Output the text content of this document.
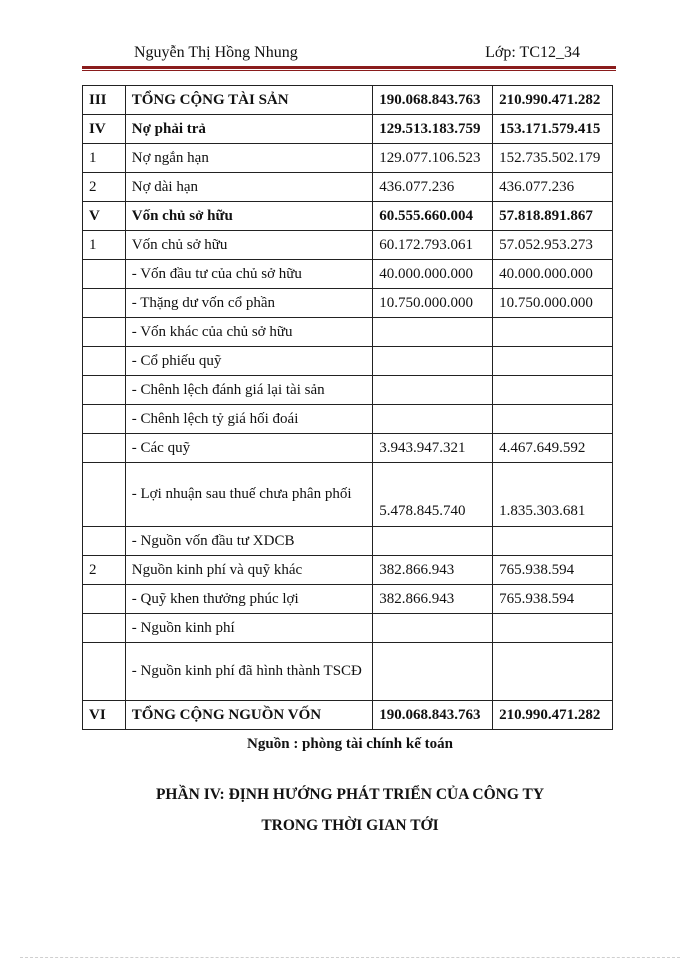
Nguyễn Thị Hồng Nhung	Lớp: TC12_34
III	TỔNG CỘNG TÀI SẢN	190.068.843.763	210.990.471.282
IV	Nợ phải trả	129.513.183.759	153.171.579.415
1	Nợ ngắn hạn	129.077.106.523	152.735.502.179
2	Nợ dài hạn	436.077.236	436.077.236
V	Vốn chủ sở hữu	60.555.660.004	57.818.891.867
1	Vốn chủ sở hữu	60.172.793.061	57.052.953.273
	- Vốn đầu tư của chủ sở hữu	40.000.000.000	40.000.000.000
	- Thặng dư vốn cổ phần	10.750.000.000	10.750.000.000
	- Vốn khác của chủ sở hữu		
	- Cổ phiếu quỹ		
	- Chênh lệch đánh giá lại tài sản		
	- Chênh lệch tỷ giá hối đoái		
	- Các quỹ	3.943.947.321	4.467.649.592
	- Lợi nhuận sau thuế chưa phân phối	5.478.845.740	1.835.303.681
	- Nguồn vốn đầu tư XDCB		
2	Nguồn kinh phí và quỹ khác	382.866.943	765.938.594
	- Quỹ khen thưởng phúc lợi	382.866.943	765.938.594
	- Nguồn kinh phí		
	- Nguồn kinh phí đã hình thành TSCĐ		
VI	TỔNG CỘNG NGUỒN VỐN	190.068.843.763	210.990.471.282
Nguồn : phòng tài chính kế toán
PHẦN IV: ĐỊNH HƯỚNG PHÁT TRIỂN CỦA CÔNG TY
TRONG THỜI GIAN TỚI
